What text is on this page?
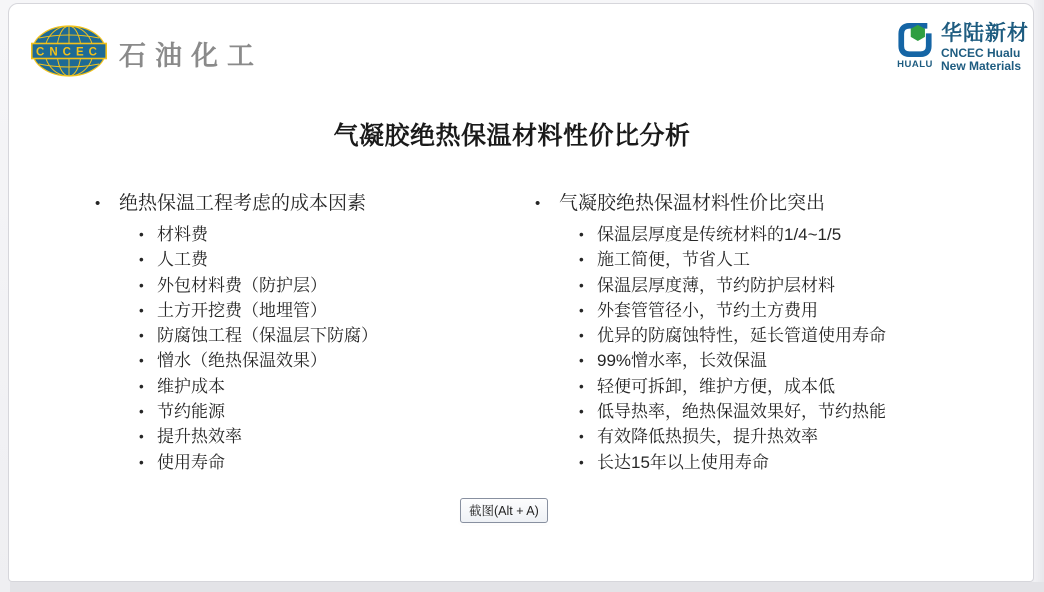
CNCEC 石油化工	HUALU
华陆新材
CNCEC Hualu
New Materials
气凝胶绝热保温材料性价比分析
• 绝热保温工程考虑的成本因素
• 材料费
• 人工费
• 外包材料费（防护层）
• 土方开挖费（地埋管）
• 防腐蚀工程（保温层下防腐）
• 憎水（绝热保温效果）
• 维护成本
• 节约能源
• 提升热效率
• 使用寿命
• 气凝胶绝热保温材料性价比突出
• 保温层厚度是传统材料的1/4~1/5
• 施工简便，节省人工
• 保温层厚度薄，节约防护层材料
• 外套管管径小，节约土方费用
• 优异的防腐蚀特性，延长管道使用寿命
• 99%憎水率，长效保温
• 轻便可拆卸，维护方便，成本低
• 低导热率，绝热保温效果好，节约热能
• 有效降低热损失，提升热效率
• 长达15年以上使用寿命
截图(Alt + A)
